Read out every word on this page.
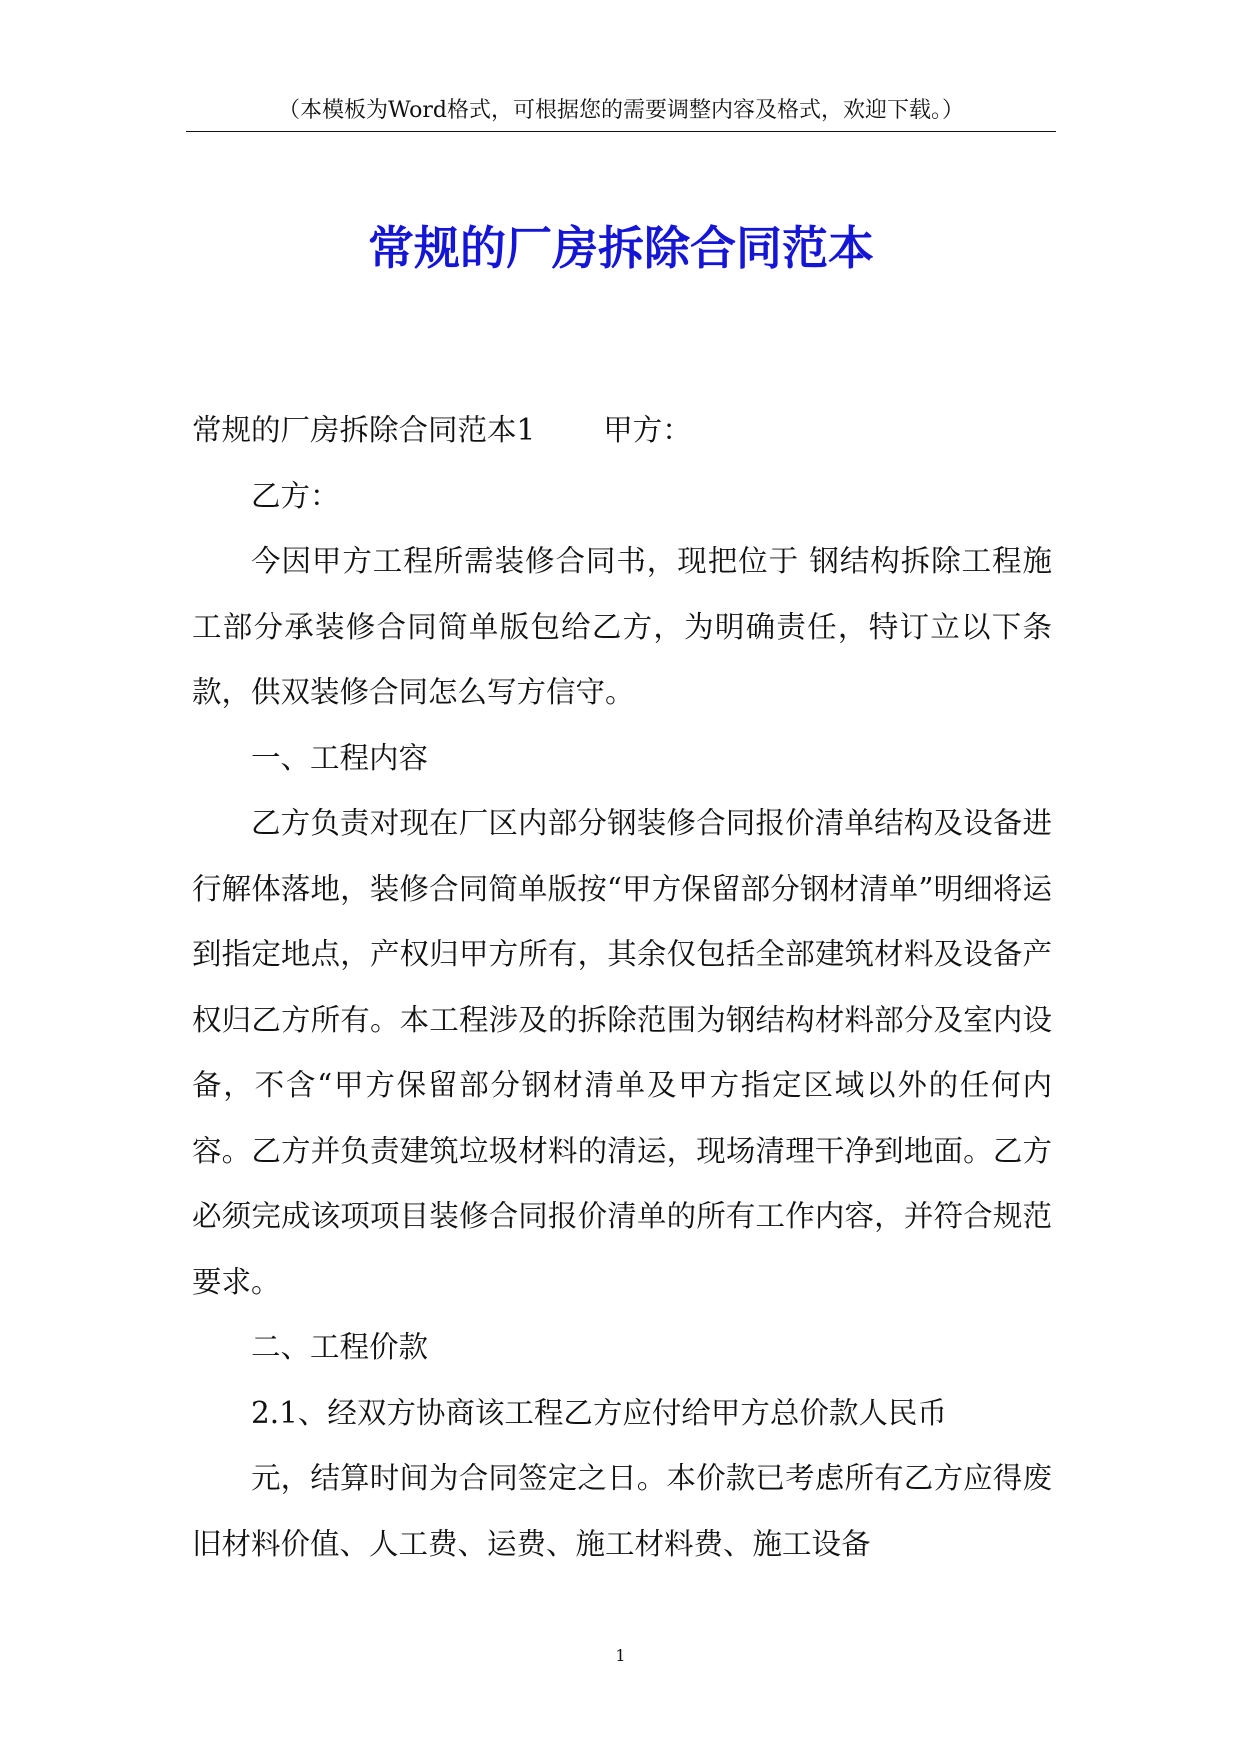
（本模板为Word格式，可根据您的需要调整内容及格式，欢迎下载。）
常规的厂房拆除合同范本

常规的厂房拆除合同范本1 甲方：

乙方：

今因甲方工程所需装修合同书，现把位于 钢结构拆除工程施工部分承装修合同简单版包给乙方，为明确责任，特订立以下条款，供双装修合同怎么写方信守。

一、工程内容

乙方负责对现在厂区内部分钢装修合同报价清单结构及设备进行解体落地，装修合同简单版按“甲方保留部分钢材清单”明细将运到指定地点，产权归甲方所有，其余仅包括全部建筑材料及设备产权归乙方所有。本工程涉及的拆除范围为钢结构材料部分及室内设备，不含“甲方保留部分钢材清单及甲方指定区域以外的任何内容。乙方并负责建筑垃圾材料的清运，现场清理干净到地面。乙方必须完成该项项目装修合同报价清单的所有工作内容，并符合规范要求。

二、工程价款

2.1、经双方协商该工程乙方应付给甲方总价款人民币

元，结算时间为合同签定之日。本价款已考虑所有乙方应得废旧材料价值、人工费、运费、施工材料费、施工设备

1
